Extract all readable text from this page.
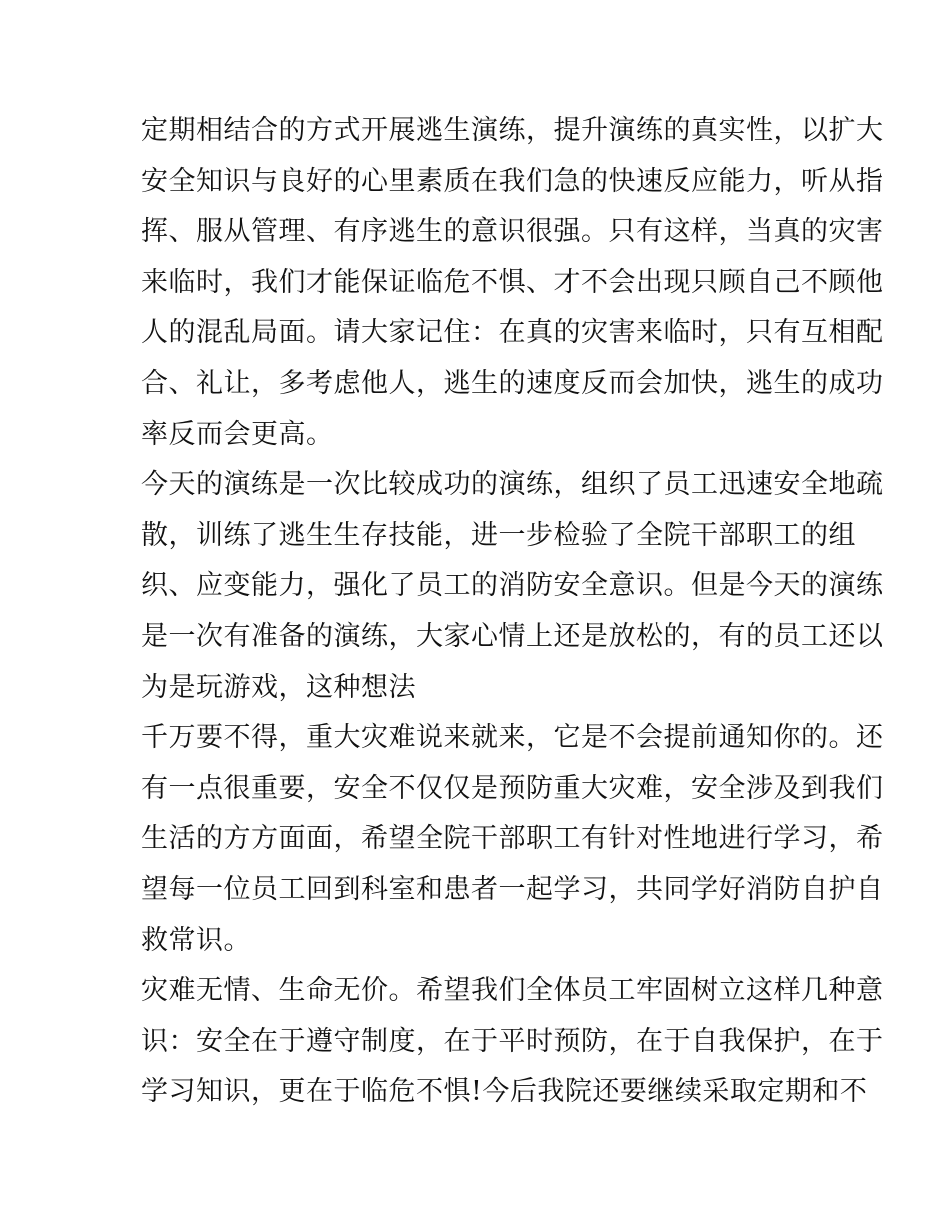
定期相结合的方式开展逃生演练，提升演练的真实性，以扩大
安全知识与良好的心里素质在我们急的快速反应能力，听从指
挥、服从管理、有序逃生的意识很强。只有这样，当真的灾害
来临时，我们才能保证临危不惧、才不会出现只顾自己不顾他
人的混乱局面。请大家记住：在真的灾害来临时，只有互相配
合、礼让，多考虑他人，逃生的速度反而会加快，逃生的成功
率反而会更高。
今天的演练是一次比较成功的演练，组织了员工迅速安全地疏
散，训练了逃生生存技能，进一步检验了全院干部职工的组
织、应变能力，强化了员工的消防安全意识。但是今天的演练
是一次有准备的演练，大家心情上还是放松的，有的员工还以
为是玩游戏，这种想法
千万要不得，重大灾难说来就来，它是不会提前通知你的。还
有一点很重要，安全不仅仅是预防重大灾难，安全涉及到我们
生活的方方面面，希望全院干部职工有针对性地进行学习，希
望每一位员工回到科室和患者一起学习，共同学好消防自护自
救常识。
灾难无情、生命无价。希望我们全体员工牢固树立这样几种意
识：安全在于遵守制度，在于平时预防，在于自我保护，在于
学习知识，更在于临危不惧!今后我院还要继续采取定期和不
